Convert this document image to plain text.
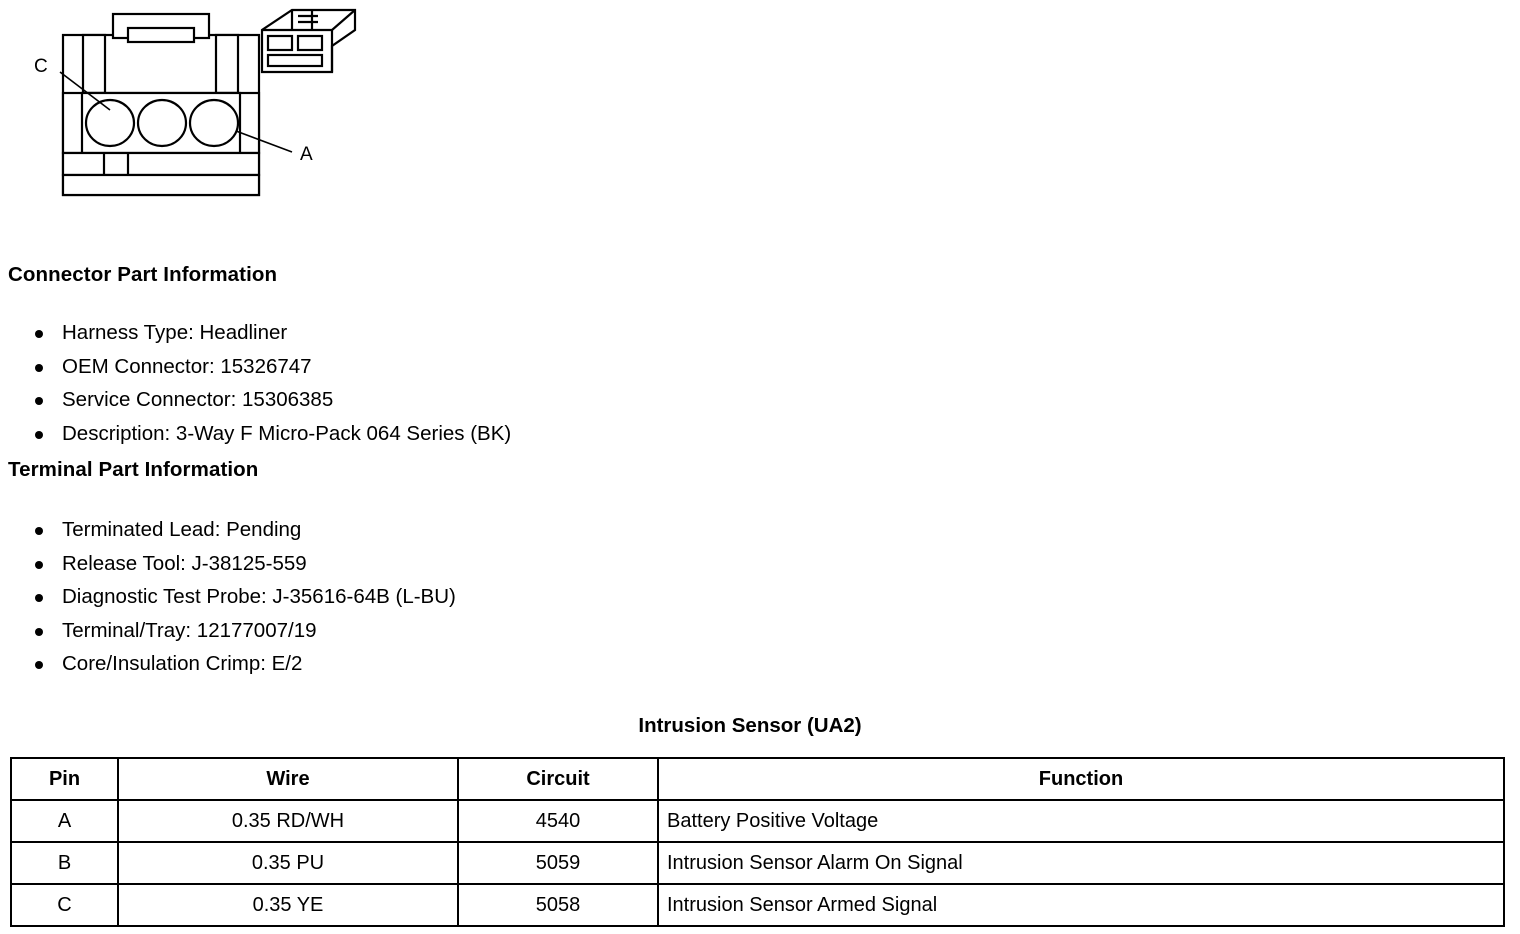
C
A
Connector Part Information
Harness Type: Headliner
OEM Connector: 15326747
Service Connector: 15306385
Description: 3-Way F Micro-Pack 064 Series (BK)
Terminal Part Information
Terminated Lead: Pending
Release Tool: J-38125-559
Diagnostic Test Probe: J-35616-64B (L-BU)
Terminal/Tray: 12177007/19
Core/Insulation Crimp: E/2
Intrusion Sensor (UA2)
Pin	Wire	Circuit	Function
A	0.35 RD/WH	4540	Battery Positive Voltage
B	0.35 PU	5059	Intrusion Sensor Alarm On Signal
C	0.35 YE	5058	Intrusion Sensor Armed Signal
